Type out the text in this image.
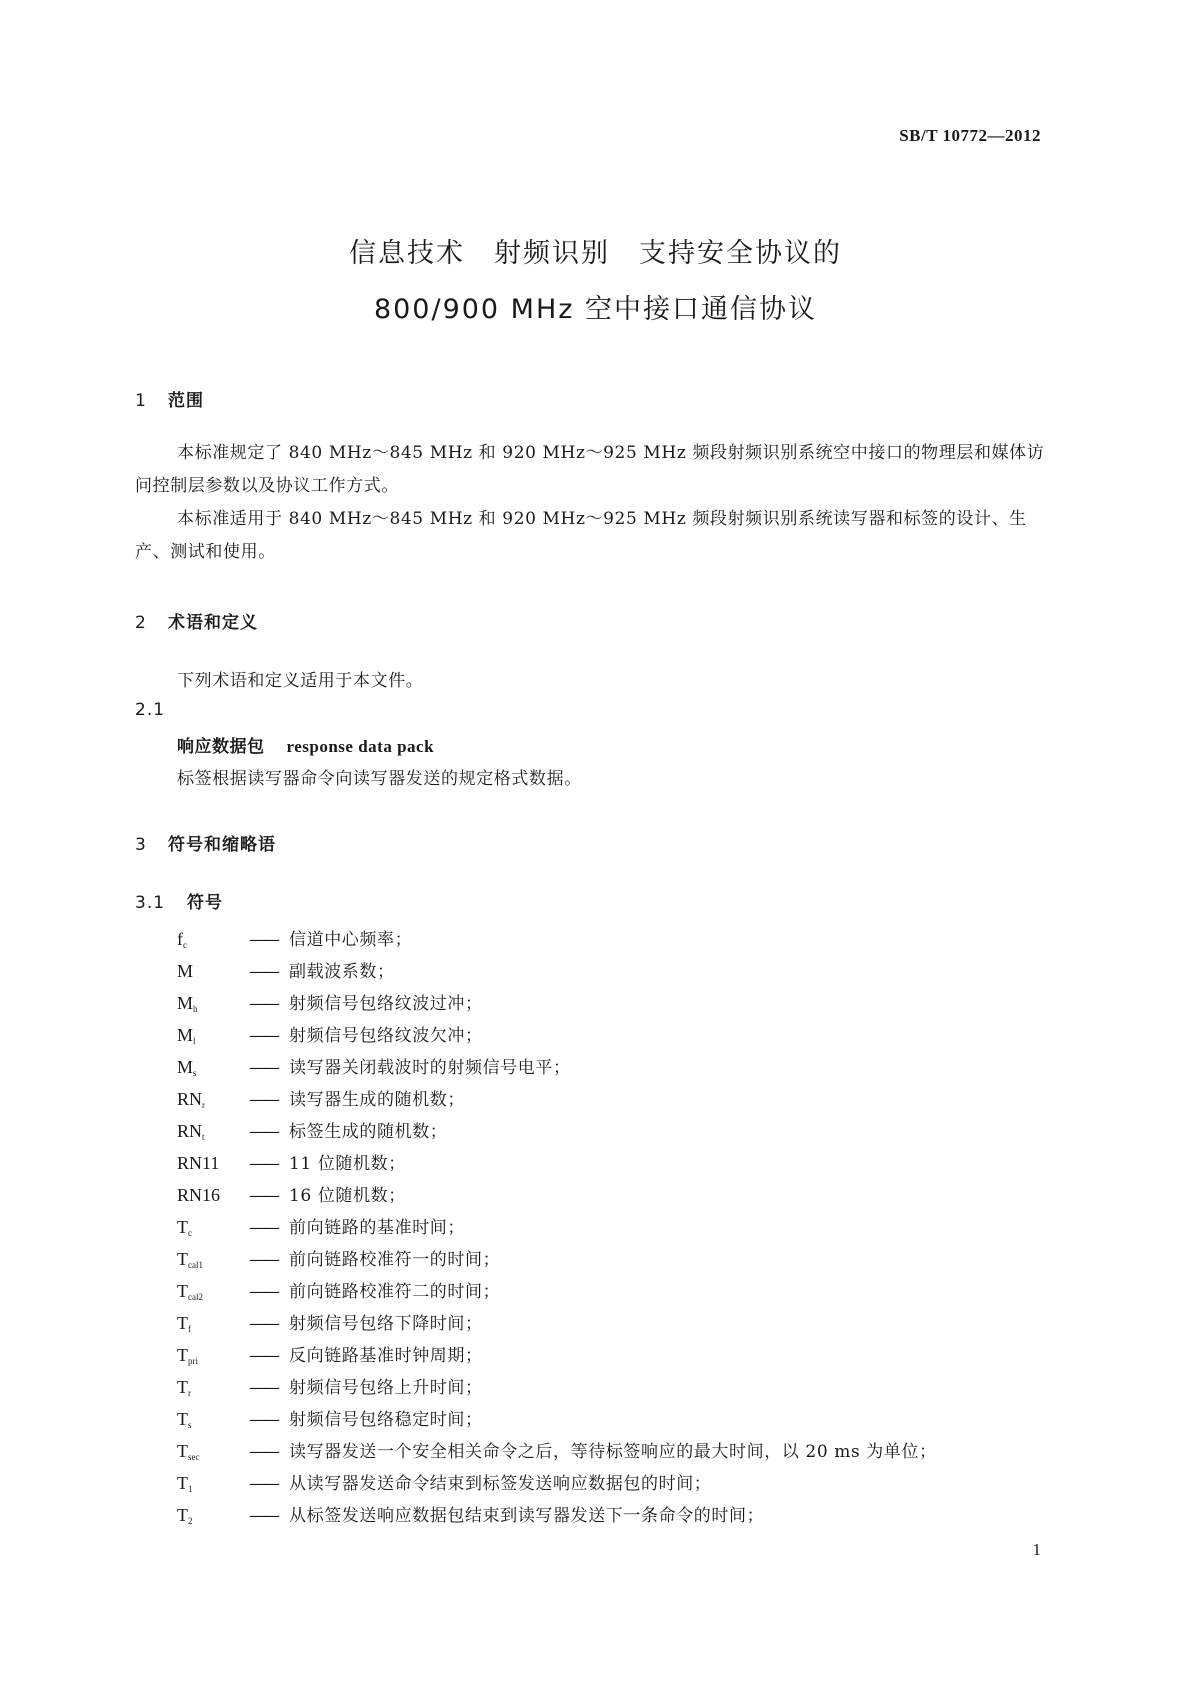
SB/T 10772—2012
信息技术　射频识别　支持安全协议的
800/900 MHz 空中接口通信协议
1 范围

本标准规定了 840 MHz～845 MHz 和 920 MHz～925 MHz 频段射频识别系统空中接口的物理层和媒体访问控制层参数以及协议工作方式。

本标准适用于 840 MHz～845 MHz 和 920 MHz～925 MHz 频段射频识别系统读写器和标签的设计、生产、测试和使用。

2 术语和定义
下列术语和定义适用于本文件。
2.1
响应数据包 response data pack
标签根据读写器命令向读写器发送的规定格式数据。
3 符号和缩略语
3.1 符号
$f_c$	—— 信道中心频率；
M	—— 副载波系数；
$M_h$	—— 射频信号包络纹波过冲；
$M_l$	—— 射频信号包络纹波欠冲；
$M_s$	—— 读写器关闭载波时的射频信号电平；
$RN_r$	—— 读写器生成的随机数；
$RN_t$	—— 标签生成的随机数；
RN11 —— 11 位随机数；
RN16 —— 16 位随机数；
$T_c$	—— 前向链路的基准时间；
$T_{cal1}$	—— 前向链路校准符一的时间；
$T_{cal2}$	—— 前向链路校准符二的时间；
$T_f$	—— 射频信号包络下降时间；
$T_{pri}$	—— 反向链路基准时钟周期；
$T_r$	—— 射频信号包络上升时间；
$T_s$	—— 射频信号包络稳定时间；
$T_{sec}$	—— 读写器发送一个安全相关命令之后，等待标签响应的最大时间，以 20 ms 为单位；
$T_1$	—— 从读写器发送命令结束到标签发送响应数据包的时间；
$T_2$	—— 从标签发送响应数据包结束到读写器发送下一条命令的时间；
1
